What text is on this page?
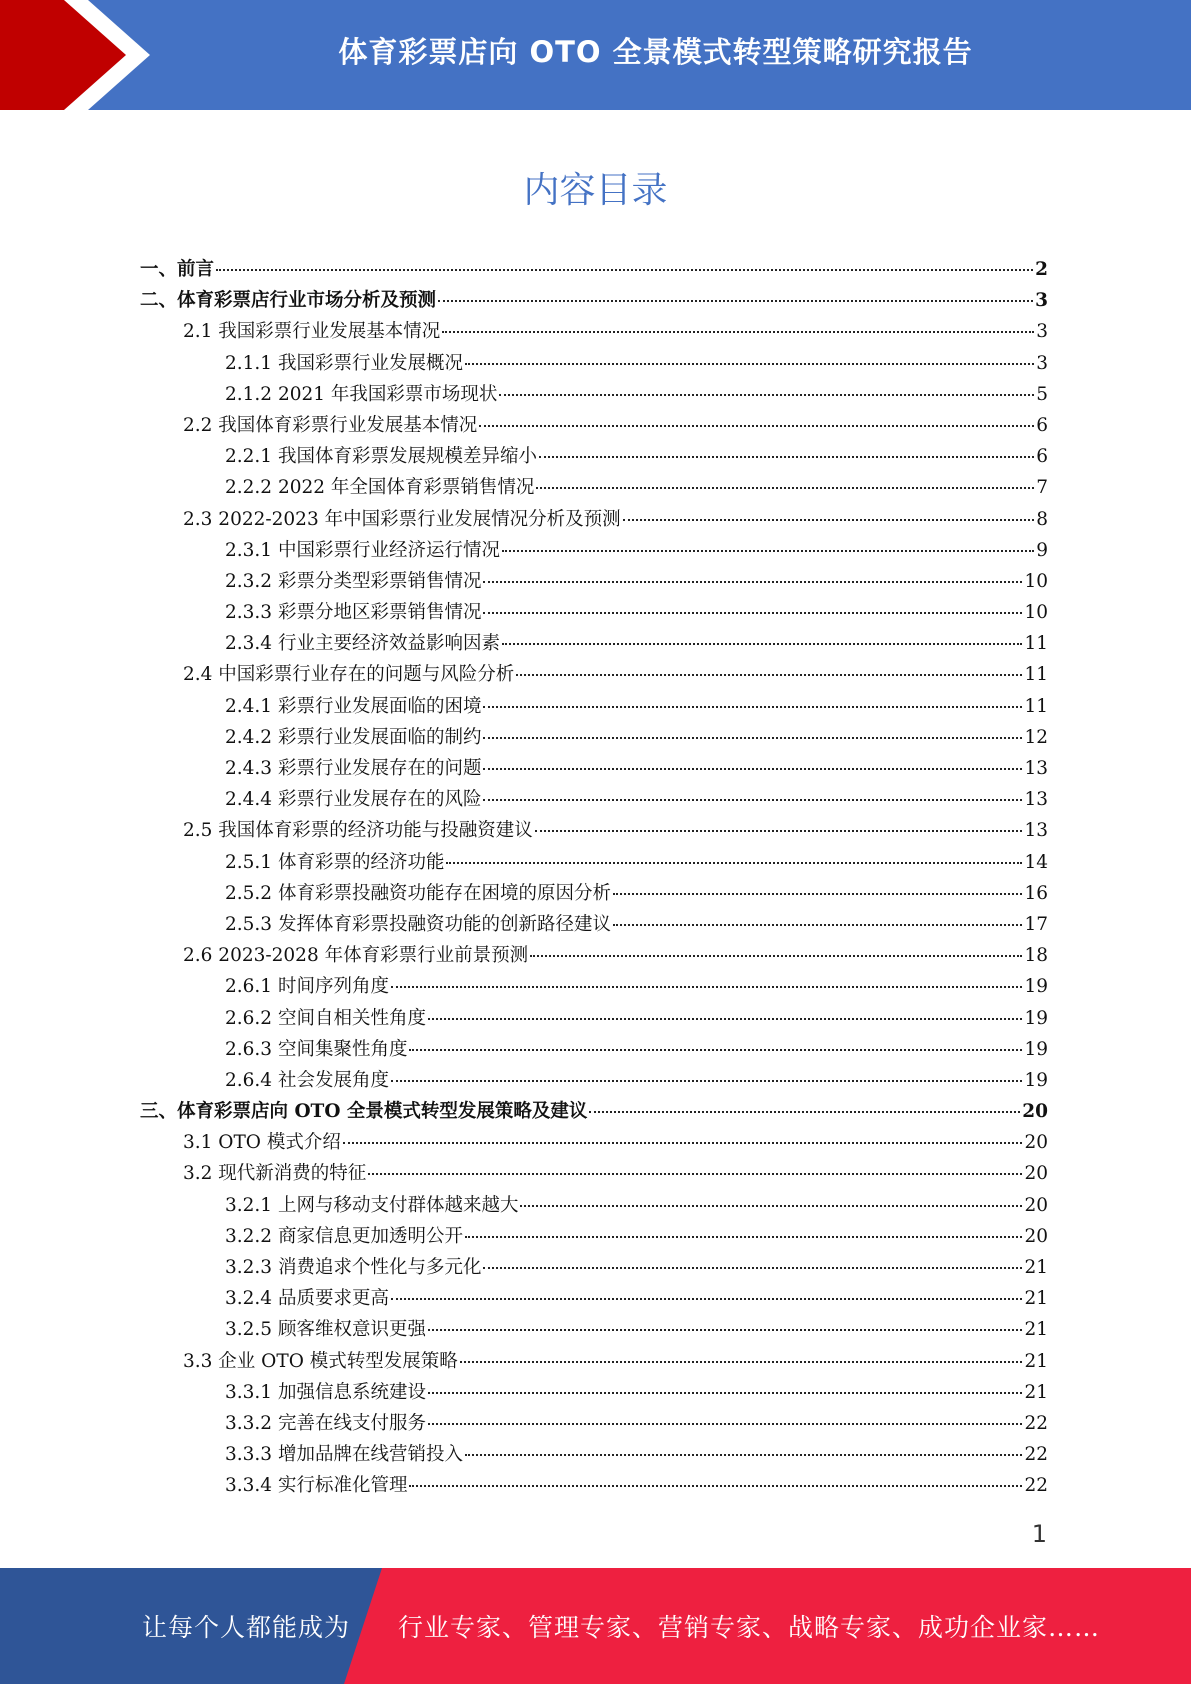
体育彩票店向 OTO 全景模式转型策略研究报告
内容目录
一、前言	2
二、体育彩票店行业市场分析及预测	3
2.1 我国彩票行业发展基本情况	3
2.1.1 我国彩票行业发展概况	3
2.1.2 2021 年我国彩票市场现状	5
2.2 我国体育彩票行业发展基本情况	6
2.2.1 我国体育彩票发展规模差异缩小	6
2.2.2 2022 年全国体育彩票销售情况	7
2.3 2022-2023 年中国彩票行业发展情况分析及预测	8
2.3.1 中国彩票行业经济运行情况	9
2.3.2 彩票分类型彩票销售情况	10
2.3.3 彩票分地区彩票销售情况	10
2.3.4 行业主要经济效益影响因素	11
2.4 中国彩票行业存在的问题与风险分析	11
2.4.1 彩票行业发展面临的困境	11
2.4.2 彩票行业发展面临的制约	12
2.4.3 彩票行业发展存在的问题	13
2.4.4 彩票行业发展存在的风险	13
2.5 我国体育彩票的经济功能与投融资建议	13
2.5.1 体育彩票的经济功能	14
2.5.2 体育彩票投融资功能存在困境的原因分析	16
2.5.3 发挥体育彩票投融资功能的创新路径建议	17
2.6 2023-2028 年体育彩票行业前景预测	18
2.6.1 时间序列角度	19
2.6.2 空间自相关性角度	19
2.6.3 空间集聚性角度	19
2.6.4 社会发展角度	19
三、体育彩票店向 OTO 全景模式转型发展策略及建议	20
3.1 OTO 模式介绍	20
3.2 现代新消费的特征	20
3.2.1 上网与移动支付群体越来越大	20
3.2.2 商家信息更加透明公开	20
3.2.3 消费追求个性化与多元化	21
3.2.4 品质要求更高	21
3.2.5 顾客维权意识更强	21
3.3 企业 OTO 模式转型发展策略	21
3.3.1 加强信息系统建设	21
3.3.2 完善在线支付服务	22
3.3.3 增加品牌在线营销投入	22
3.3.4 实行标准化管理	22
1
让每个人都能成为 行业专家、管理专家、营销专家、战略专家、成功企业家……
